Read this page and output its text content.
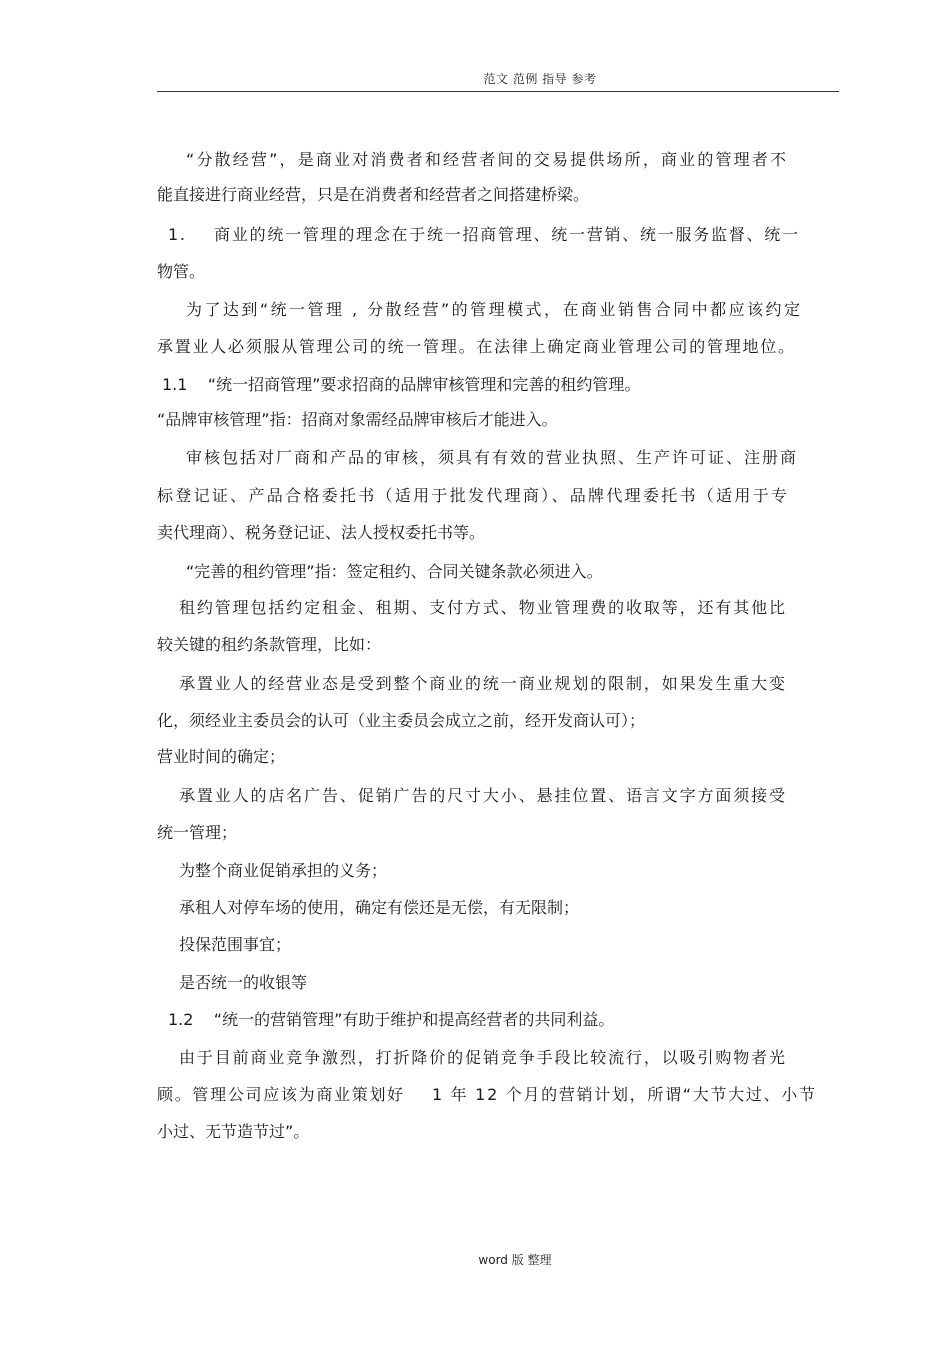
范文 范例 指导 参考
“分散经营”，是商业对消费者和经营者间的交易提供场所，商业的管理者不
能直接进行商业经营，只是在消费者和经营者之间搭建桥梁。
1.    商业的统一管理的理念在于统一招商管理、统一营销、统一服务监督、统一
物管。
为了达到“统一管理 , 分散经营”的管理模式，在商业销售合同中都应该约定
承置业人必须服从管理公司的统一管理。在法律上确定商业管理公司的管理地位。
1.1    “统一招商管理”要求招商的品牌审核管理和完善的租约管理。
“品牌审核管理”指：招商对象需经品牌审核后才能进入。
审核包括对厂商和产品的审核，须具有有效的营业执照、生产许可证、注册商
标登记证、产品合格委托书（适用于批发代理商）、品牌代理委托书（适用于专
卖代理商）、税务登记证、法人授权委托书等。
“完善的租约管理”指：签定租约、合同关键条款必须进入。
租约管理包括约定租金、租期、支付方式、物业管理费的收取等，还有其他比
较关键的租约条款管理，比如：
承置业人的经营业态是受到整个商业的统一商业规划的限制，如果发生重大变
化，须经业主委员会的认可（业主委员会成立之前，经开发商认可）；
营业时间的确定；
承置业人的店名广告、促销广告的尺寸大小、悬挂位置、语言文字方面须接受
统一管理；
为整个商业促销承担的义务；
承租人对停车场的使用，确定有偿还是无偿，有无限制；
投保范围事宜；
是否统一的收银等
1.2    “统一的营销管理”有助于维护和提高经营者的共同利益。
由于目前商业竞争激烈，打折降价的促销竞争手段比较流行，以吸引购物者光
顾。管理公司应该为商业策划好    1 年 12 个月的营销计划，所谓“大节大过、小节
小过、无节造节过”。
word 版 整理
